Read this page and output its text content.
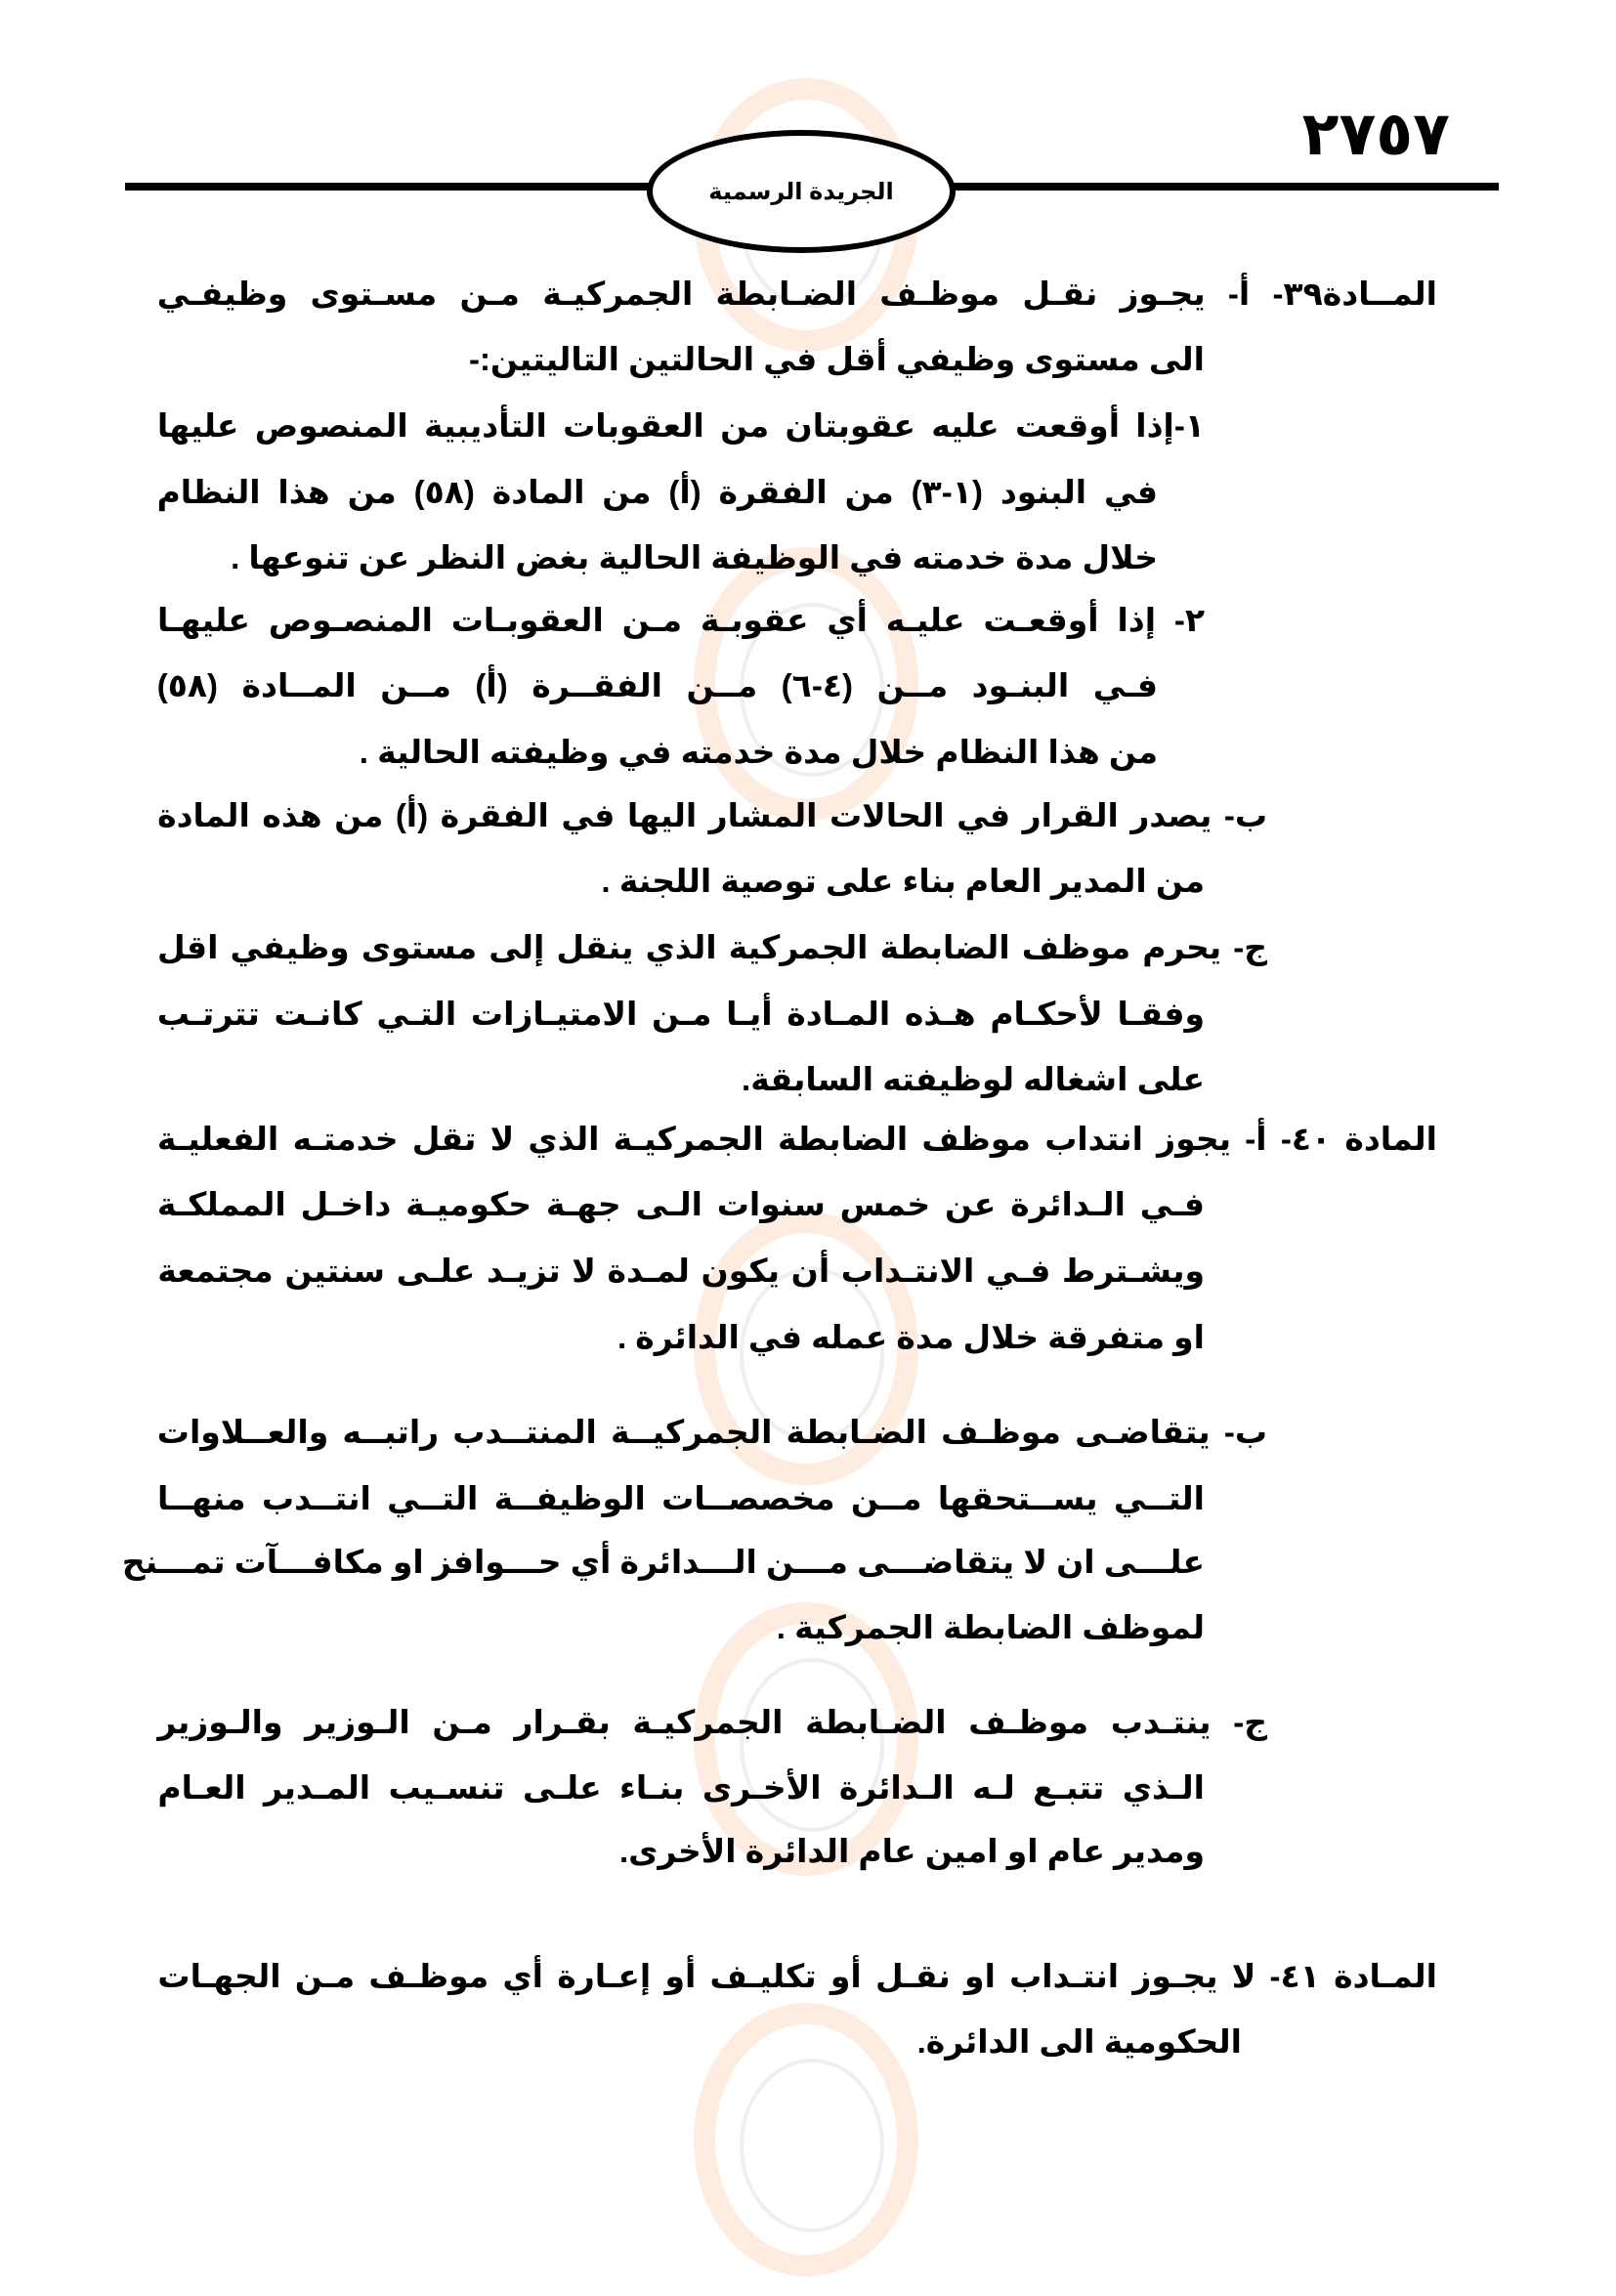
٢٧٥٧
الجريدة الرسمية
المــادة٣٩- أ- يجـوز نقـل موظـف الضـابطة الجمركيـة مـن مسـتوى وظيفـي
الى مستوى وظيفي أقل في الحالتين التاليتين:-
١-إذا أوقعت عليه عقوبتان من العقوبات التأديبية المنصوص عليها
في البنود (١-٣) من الفقرة (أ) من المادة (٥٨) من هذا النظام
خلال مدة خدمته في الوظيفة الحالية بغض النظر عن تنوعها .
٢- إذا أوقعـت عليـه أي عقوبـة مـن العقوبـات المنصـوص عليهـا
فـي البنـود مــن (٤-٦) مــن الفقــرة (أ) مــن المــادة (٥٨)
من هذا النظام خلال مدة خدمته في وظيفته الحالية .
ب- يصدر القرار في الحالات المشار اليها في الفقرة (أ) من هذه المادة
من المدير العام بناء على توصية اللجنة .
ج- يحرم موظف الضابطة الجمركية الذي ينقل إلى مستوى وظيفي اقل
وفقـا لأحكـام هـذه المـادة أيـا مـن الامتيـازات التـي كانـت تترتـب
على اشغاله لوظيفته السابقة.
المادة ٤٠- أ- يجوز انتداب موظف الضابطة الجمركيـة الذي لا تقل خدمتـه الفعليـة
فـي الـدائرة عن خمس سنوات الـى جهـة حكوميـة داخـل المملكـة
ويشـترط فـي الانتـداب أن يكون لمـدة لا تزيـد علـى سنتين مجتمعة
او متفرقة خلال مدة عمله في الدائرة .
ب- يتقاضـى موظـف الضـابطة الجمركيــة المنتــدب راتبــه والعــلاوات
التــي يســتحقها مــن مخصصــات الوظيفــة التــي انتــدب منهــا
علـــى ان لا يتقاضـــى مـــن الـــدائرة أي حـــوافز او مكافـــآت تمـــنح
لموظف الضابطة الجمركية .
ج- ينتـدب موظـف الضـابطة الجمركيـة بقـرار مـن الـوزير والـوزير
الـذي تتبـع لـه الـدائرة الأخـرى بنـاء علـى تنسـيب المـدير العـام
ومدير عام او امين عام الدائرة الأخرى.
المـادة ٤١- لا يجـوز انتـداب او نقـل أو تكليـف أو إعـارة أي موظـف مـن الجهـات
الحكومية الى الدائرة.
